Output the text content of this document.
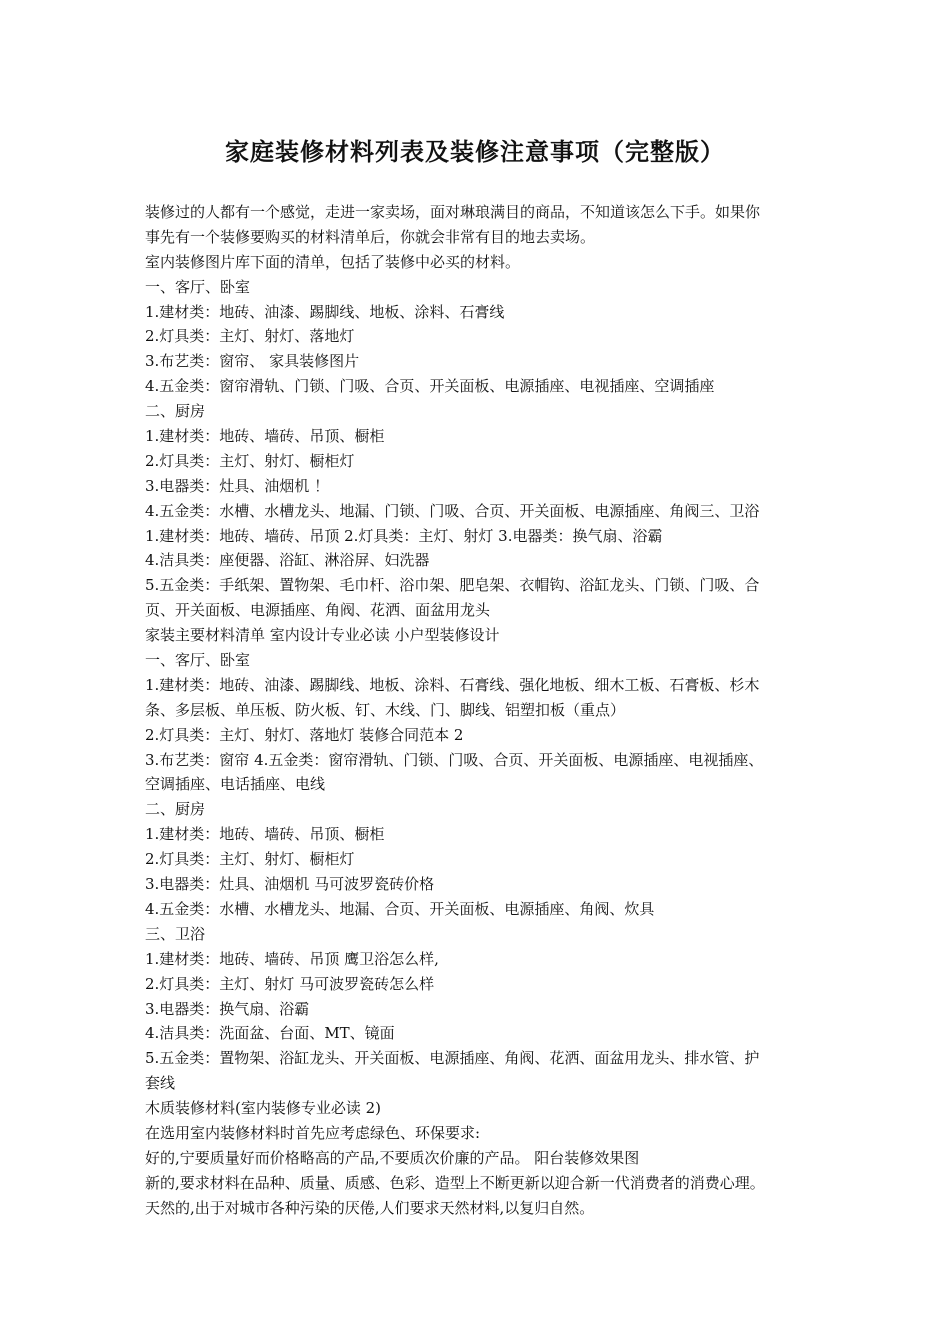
家庭装修材料列表及装修注意事项（完整版）

装修过的人都有一个感觉，走进一家卖场，面对琳琅满目的商品，不知道该怎么下手。如果你

事先有一个装修要购买的材料清单后，你就会非常有目的地去卖场。

室内装修图片库下面的清单，包括了装修中必买的材料。

一、客厅、卧室

1.建材类：地砖、油漆、踢脚线、地板、涂料、石膏线

2.灯具类：主灯、射灯、落地灯

3.布艺类：窗帘、 家具装修图片

4.五金类：窗帘滑轨、门锁、门吸、合页、开关面板、电源插座、电视插座、空调插座

二、厨房

1.建材类：地砖、墙砖、吊顶、橱柜

2.灯具类：主灯、射灯、橱柜灯

3.电器类：灶具、油烟机 ！

4.五金类：水槽、水槽龙头、地漏、门锁、门吸、合页、开关面板、电源插座、角阀三、卫浴

1.建材类：地砖、墙砖、吊顶 2.灯具类：主灯、射灯 3.电器类：换气扇、浴霸

4.洁具类：座便器、浴缸、淋浴屏、妇洗器

5.五金类：手纸架、置物架、毛巾杆、浴巾架、肥皂架、衣帽钩、浴缸龙头、门锁、门吸、合

页、开关面板、电源插座、角阀、花洒、面盆用龙头

家装主要材料清单 室内设计专业必读 小户型装修设计

一、客厅、卧室

1.建材类：地砖、油漆、踢脚线、地板、涂料、石膏线、强化地板、细木工板、石膏板、杉木

条、多层板、单压板、防火板、钉、木线、门、脚线、铝塑扣板（重点）

2.灯具类：主灯、射灯、落地灯 装修合同范本 2

3.布艺类：窗帘 4.五金类：窗帘滑轨、门锁、门吸、合页、开关面板、电源插座、电视插座、

空调插座、电话插座、电线

二、厨房

1.建材类：地砖、墙砖、吊顶、橱柜

2.灯具类：主灯、射灯、橱柜灯

3.电器类：灶具、油烟机 马可波罗瓷砖价格

4.五金类：水槽、水槽龙头、地漏、合页、开关面板、电源插座、角阀、炊具

三、卫浴

1.建材类：地砖、墙砖、吊顶 鹰卫浴怎么样,

2.灯具类：主灯、射灯 马可波罗瓷砖怎么样

3.电器类：换气扇、浴霸

4.洁具类：洗面盆、台面、MT、镜面

5.五金类：置物架、浴缸龙头、开关面板、电源插座、角阀、花洒、面盆用龙头、排水管、护

套线

木质装修材料(室内装修专业必读 2)

在选用室内装修材料时首先应考虑绿色、环保要求:

好的,宁要质量好而价格略高的产品,不要质次价廉的产品。 阳台装修效果图

新的,要求材料在品种、质量、质感、色彩、造型上不断更新以迎合新一代消费者的消费心理。

天然的,出于对城市各种污染的厌倦,人们要求天然材料,以复归自然。
